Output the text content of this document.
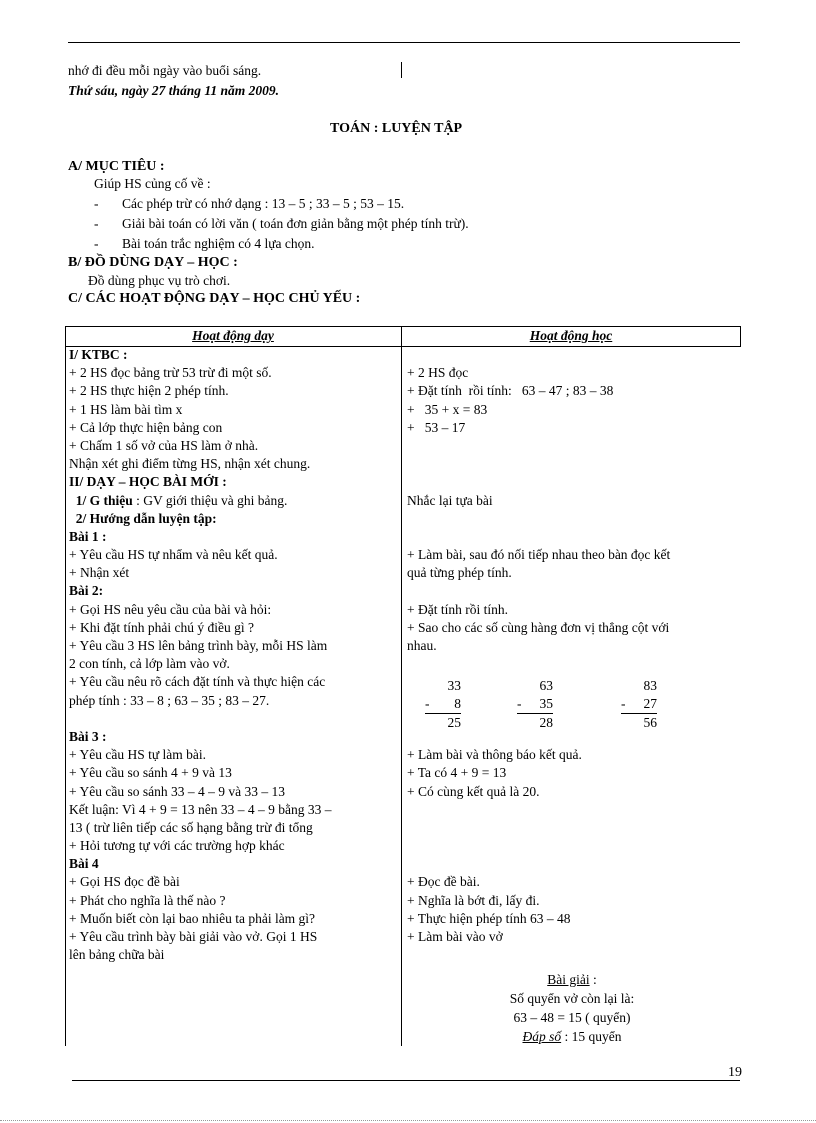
nhớ đi đều mỗi ngày vào buổi sáng.
Thứ sáu, ngày 27 tháng 11 năm 2009.
TOÁN : LUYỆN TẬP
A/ MỤC TIÊU :
Giúp HS củng cố về :
- Các phép trừ có nhớ dạng : 13 – 5 ; 33 – 5 ; 53 – 15.
- Giải bài toán có lời văn ( toán đơn giản bằng một phép tính trừ).
- Bài toán trắc nghiệm có 4 lựa chọn.
B/ ĐỒ DÙNG DẠY – HỌC :
Đồ dùng phục vụ trò chơi.
C/ CÁC HOẠT ĐỘNG DẠY – HỌC CHỦ YẾU :
Hoạt động dạy	Hoạt động học
I/ KTBC :
+ 2 HS đọc bảng trừ 53 trừ đi một số.
+ 2 HS thực hiện 2 phép tính.
+ 1 HS làm bài tìm x
+ Cả lớp thực hiện bảng con
+ Chấm 1 số vở của HS làm ở nhà.
Nhận xét ghi điểm từng HS, nhận xét chung.
II/ DẠY – HỌC BÀI MỚI :
1/ G thiệu : GV giới thiệu và ghi bảng.
2/ Hướng dẫn luyện tập:
Bài 1 :
+ Yêu cầu HS tự nhẩm và nêu kết quả.
+ Nhận xét
Bài 2:
+ Gọi HS nêu yêu cầu của bài và hỏi:
+ Khi đặt tính phải chú ý điều gì ?
+ Yêu cầu 3 HS lên bảng trình bày, mỗi HS làm
2 con tính, cả lớp làm vào vở.
+ Yêu cầu nêu rõ cách đặt tính và thực hiện các
phép tính : 33 – 8 ; 63 – 35 ; 83 – 27.
Bài 3 :
+ Yêu cầu HS tự làm bài.
+ Yêu cầu so sánh 4 + 9 và 13
+ Yêu cầu so sánh 33 – 4 – 9 và 33 – 13
Kết luận: Vì 4 + 9 = 13 nên 33 – 4 – 9 bằng 33 –
13 ( trừ liên tiếp các số hạng bằng trừ đi tổng
+ Hỏi tương tự với các trường hợp khác
Bài 4
+ Gọi HS đọc đề bài
+ Phát cho nghĩa là thế nào ?
+ Muốn biết còn lại bao nhiêu ta phải làm gì?
+ Yêu cầu trình bày bài giải vào vở. Gọi 1 HS
lên bảng chữa bài
+ 2 HS đọc
+ Đặt tính  rồi tính:   63 – 47 ; 83 – 38
+   35 + x = 83
+   53 – 17
Nhắc lại tựa bài
+ Làm bài, sau đó nối tiếp nhau theo bàn đọc kết
quả từng phép tính.
+ Đặt tính rồi tính.
+ Sao cho các số cùng hàng đơn vị thẳng cột với
nhau.
+ Làm bài và thông báo kết quả.
+ Ta có 4 + 9 = 13
+ Có cùng kết quả là 20.
+ Đọc đề bài.
+ Nghĩa là bớt đi, lấy đi.
+ Thực hiện phép tính 63 – 48
+ Làm bài vào vở
33
- 8
25
63
- 35
28
83
- 27
56
Bài giải :
Số quyển vở còn lại là:
63 – 48 = 15 ( quyển)
Đáp số : 15 quyển
19
